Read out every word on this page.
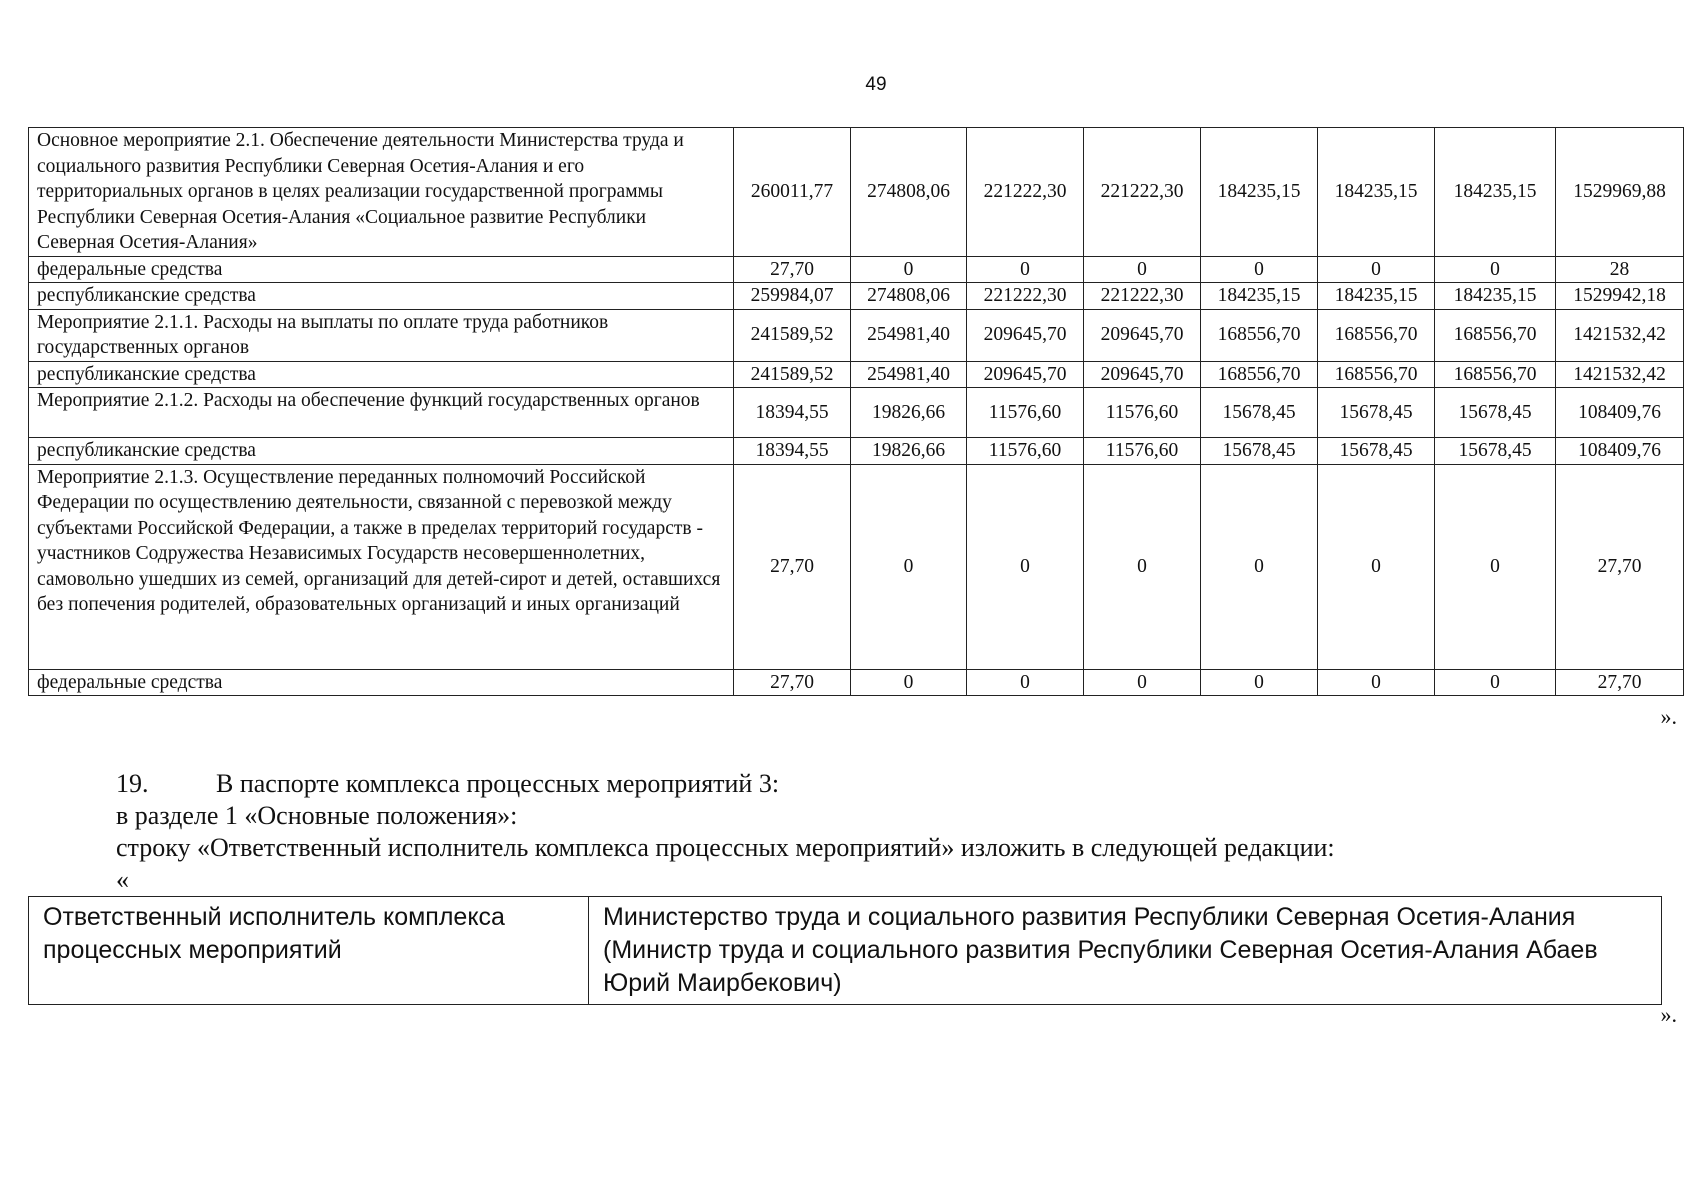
49
Основное мероприятие 2.1. Обеспечение деятельности Министерства труда и социального развития Республики Северная Осетия-Алания и его территориальных органов в целях реализации государственной программы Республики Северная Осетия-Алания «Социальное развитие Республики Северная Осетия-Алания»	260011,77	274808,06	221222,30	221222,30	184235,15	184235,15	184235,15	1529969,88
федеральные средства	27,70	0	0	0	0	0	0	28
республиканские средства	259984,07	274808,06	221222,30	221222,30	184235,15	184235,15	184235,15	1529942,18
Мероприятие 2.1.1. Расходы на выплаты по оплате труда работников государственных органов	241589,52	254981,40	209645,70	209645,70	168556,70	168556,70	168556,70	1421532,42
республиканские средства	241589,52	254981,40	209645,70	209645,70	168556,70	168556,70	168556,70	1421532,42
Мероприятие 2.1.2. Расходы на обеспечение функций государственных органов	18394,55	19826,66	11576,60	11576,60	15678,45	15678,45	15678,45	108409,76
республиканские средства	18394,55	19826,66	11576,60	11576,60	15678,45	15678,45	15678,45	108409,76
Мероприятие 2.1.3. Осуществление переданных полномочий Российской Федерации по осуществлению деятельности, связанной с перевозкой между субъектами Российской Федерации, а также в пределах территорий государств - участников Содружества Независимых Государств несовершеннолетних, самовольно ушедших из семей, организаций для детей-сирот и детей, оставшихся без попечения родителей, образовательных организаций и иных организаций	27,70	0	0	0	0	0	0	27,70
федеральные средства	27,70	0	0	0	0	0	0	27,70
».
19.	В паспорте комплекса процессных мероприятий 3:
в разделе 1 «Основные положения»:
строку «Ответственный исполнитель комплекса процессных мероприятий» изложить в следующей редакции:
«
Ответственный исполнитель комплекса процессных мероприятий	Министерство труда и социального развития Республики Северная Осетия-Алания (Министр труда и социального развития Республики Северная Осетия-Алания Абаев Юрий Маирбекович)
».
